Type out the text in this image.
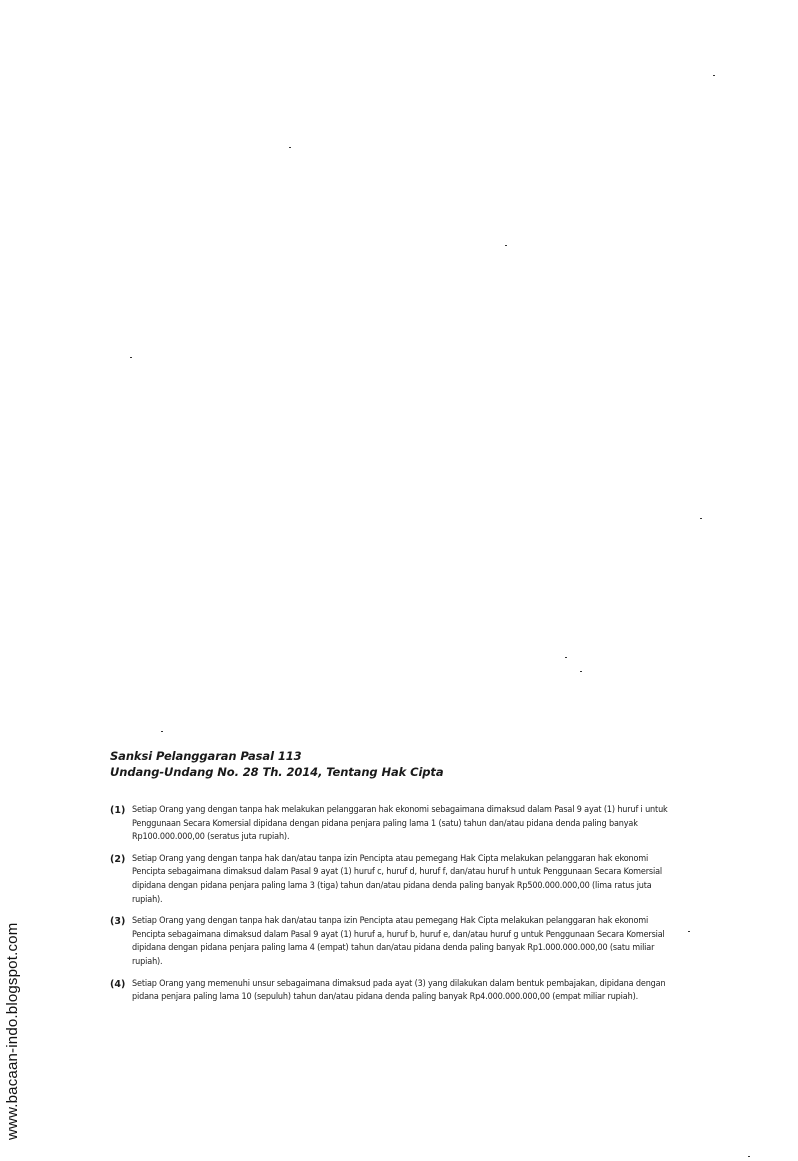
www.bacaan-indo.blogspot.com
Sanksi Pelanggaran Pasal 113
Undang-Undang No. 28 Th. 2014, Tentang Hak Cipta
(1) Setiap Orang yang dengan tanpa hak melakukan pelanggaran hak ekonomi sebagaimana dimaksud dalam Pasal 9 ayat (1) huruf i untuk Penggunaan Secara Komersial dipidana dengan pidana penjara paling lama 1 (satu) tahun dan/atau pidana denda paling banyak Rp100.000.000,00 (seratus juta rupiah).
(2) Setiap Orang yang dengan tanpa hak dan/atau tanpa izin Pencipta atau pemegang Hak Cipta melakukan pelanggaran hak ekonomi Pencipta sebagaimana dimaksud dalam Pasal 9 ayat (1) huruf c, huruf d, huruf f, dan/atau huruf h untuk Penggunaan Secara Komersial dipidana dengan pidana penjara paling lama 3 (tiga) tahun dan/atau pidana denda paling banyak Rp500.000.000,00 (lima ratus juta rupiah).
(3) Setiap Orang yang dengan tanpa hak dan/atau tanpa izin Pencipta atau pemegang Hak Cipta melakukan pelanggaran hak ekonomi Pencipta sebagaimana dimaksud dalam Pasal 9 ayat (1) huruf a, huruf b, huruf e, dan/atau huruf g untuk Penggunaan Secara Komersial dipidana dengan pidana penjara paling lama 4 (empat) tahun dan/atau pidana denda paling banyak Rp1.000.000.000,00 (satu miliar rupiah).
(4) Setiap Orang yang memenuhi unsur sebagaimana dimaksud pada ayat (3) yang dilakukan dalam bentuk pembajakan, dipidana dengan pidana penjara paling lama 10 (sepuluh) tahun dan/atau pidana denda paling banyak Rp4.000.000.000,00 (empat miliar rupiah).
